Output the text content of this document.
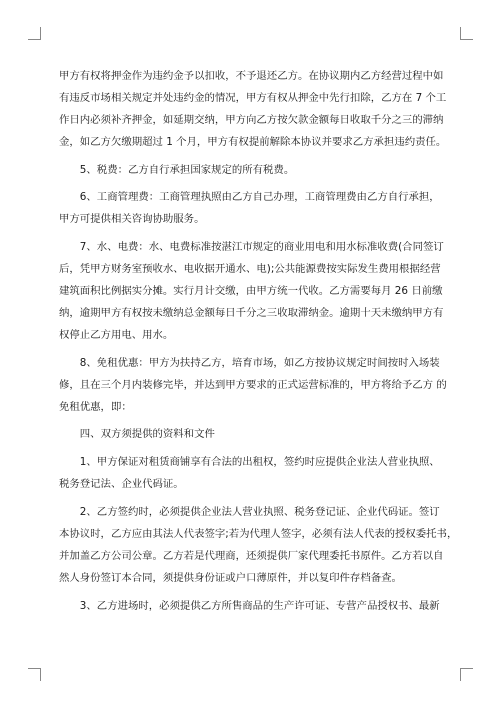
甲方有权将押金作为违约金予以扣收，不予退还乙方。在协议期内乙方经营过程中如
有违反市场相关规定并处违约金的情况，甲方有权从押金中先行扣除，乙方在 7 个工
作日内必须补齐押金，如延期交纳，甲方向乙方按欠款金额每日收取千分之三的滞纳
金，如乙方欠缴期超过 1 个月，甲方有权提前解除本协议并要求乙方承担违约责任。

5、税费：乙方自行承担国家规定的所有税费。

6、工商管理费：工商管理执照由乙方自己办理，工商管理费由乙方自行承担，
甲方可提供相关咨询协助服务。

7、水、电费：水、电费标准按湛江市规定的商业用电和用水标准收费(合同签订
后，凭甲方财务室预收水、电收据开通水、电);公共能源费按实际发生费用根据经营
建筑面积比例据实分摊。实行月计交缴，由甲方统一代收。乙方需要每月 26 日前缴
纳，逾期甲方有权按未缴纳总金额每日千分之三收取滞纳金。逾期十天未缴纳甲方有
权停止乙方用电、用水。

8、免租优惠：甲方为扶持乙方，培育市场，如乙方按协议规定时间按时入场装
修，且在三个月内装修完毕，并达到甲方要求的正式运营标准的，甲方将给予乙方 的
免租优惠，即：

四、双方须提供的资料和文件

1、甲方保证对租赁商铺享有合法的出租权，签约时应提供企业法人营业执照、
税务登记法、企业代码证。

2、乙方签约时，必须提供企业法人营业执照、税务登记证、企业代码证。签订
本协议时，乙方应由其法人代表签字;若为代理人签字，必须有法人代表的授权委托书，
并加盖乙方公司公章。乙方若是代理商，还须提供厂家代理委托书原件。乙方若以自
然人身份签订本合同，须提供身份证或户口薄原件，并以复印件存档备查。

3、乙方进场时，必须提供乙方所售商品的生产许可证、专营产品授权书、最新
